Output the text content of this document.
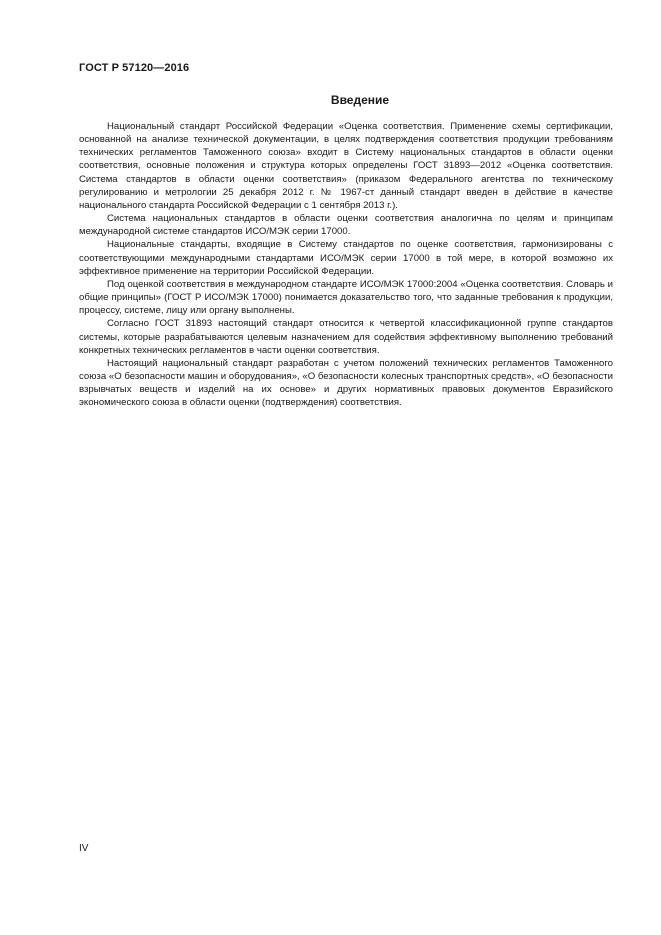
ГОСТ Р 57120—2016
Введение

Национальный стандарт Российской Федерации «Оценка соответствия. Применение схемы сертификации, основанной на анализе технической документации, в целях подтверждения соответствия продукции требованиям технических регламентов Таможенного союза» входит в Систему национальных стандартов в области оценки соответствия, основные положения и структура которых определены ГОСТ 31893—2012 «Оценка соответствия. Система стандартов в области оценки соответствия» (приказом Федерального агентства по техническому регулированию и метрологии 25 декабря 2012 г. № 1967-ст данный стандарт введен в действие в качестве национального стандарта Российской Федерации с 1 сентября 2013 г.).

Система национальных стандартов в области оценки соответствия аналогична по целям и принципам международной системе стандартов ИСО/МЭК серии 17000.

Национальные стандарты, входящие в Систему стандартов по оценке соответствия, гармонизированы с соответствующими международными стандартами ИСО/МЭК серии 17000 в той мере, в которой возможно их эффективное применение на территории Российской Федерации.

Под оценкой соответствия в международном стандарте ИСО/МЭК 17000:2004 «Оценка соответствия. Словарь и общие принципы» (ГОСТ Р ИСО/МЭК 17000) понимается доказательство того, что заданные требования к продукции, процессу, системе, лицу или органу выполнены.

Согласно ГОСТ 31893 настоящий стандарт относится к четвертой классификационной группе стандартов системы, которые разрабатываются целевым назначением для содействия эффективному выполнению требований конкретных технических регламентов в части оценки соответствия.

Настоящий национальный стандарт разработан с учетом положений технических регламентов Таможенного союза «О безопасности машин и оборудования», «О безопасности колесных транспортных средств», «О безопасности взрывчатых веществ и изделий на их основе» и других нормативных правовых документов Евразийского экономического союза в области оценки (подтверждения) соответствия.

IV
